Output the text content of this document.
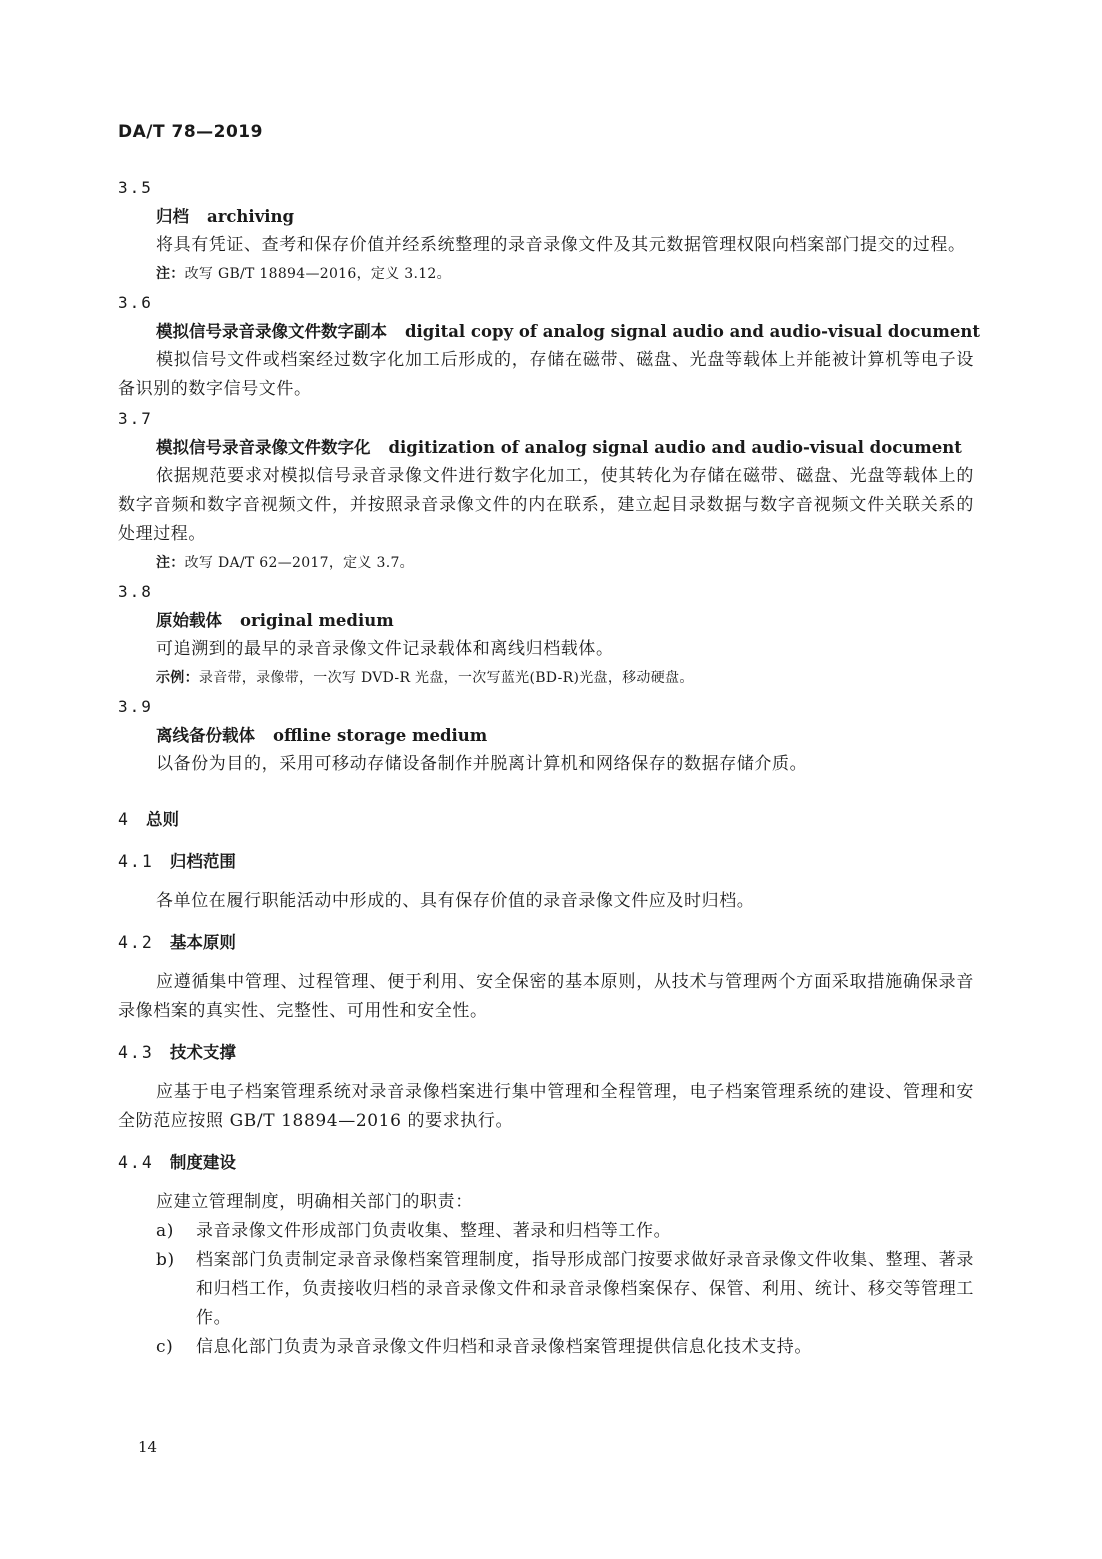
DA/T 78—2019
3.5
归档 archiving
将具有凭证、查考和保存价值并经系统整理的录音录像文件及其元数据管理权限向档案部门提交的过程。
注：改写 GB/T 18894—2016，定义 3.12。
3.6
模拟信号录音录像文件数字副本 digital copy of analog signal audio and audio-visual document
模拟信号文件或档案经过数字化加工后形成的，存储在磁带、磁盘、光盘等载体上并能被计算机等电子设备识别的数字信号文件。
3.7
模拟信号录音录像文件数字化 digitization of analog signal audio and audio-visual document
依据规范要求对模拟信号录音录像文件进行数字化加工，使其转化为存储在磁带、磁盘、光盘等载体上的数字音频和数字音视频文件，并按照录音录像文件的内在联系，建立起目录数据与数字音视频文件关联关系的处理过程。
注：改写 DA/T 62—2017，定义 3.7。
3.8
原始载体 original medium
可追溯到的最早的录音录像文件记录载体和离线归档载体。
示例：录音带，录像带，一次写 DVD-R 光盘，一次写蓝光(BD-R)光盘，移动硬盘。
3.9
离线备份载体 offline storage medium
以备份为目的，采用可移动存储设备制作并脱离计算机和网络保存的数据存储介质。
4 总则
4.1 归档范围
各单位在履行职能活动中形成的、具有保存价值的录音录像文件应及时归档。
4.2 基本原则
应遵循集中管理、过程管理、便于利用、安全保密的基本原则，从技术与管理两个方面采取措施确保录音录像档案的真实性、完整性、可用性和安全性。
4.3 技术支撑
应基于电子档案管理系统对录音录像档案进行集中管理和全程管理，电子档案管理系统的建设、管理和安全防范应按照 GB/T 18894—2016 的要求执行。
4.4 制度建设
应建立管理制度，明确相关部门的职责：
a) 录音录像文件形成部门负责收集、整理、著录和归档等工作。
b) 档案部门负责制定录音录像档案管理制度，指导形成部门按要求做好录音录像文件收集、整理、著录和归档工作，负责接收归档的录音录像文件和录音录像档案保存、保管、利用、统计、移交等管理工作。
c) 信息化部门负责为录音录像文件归档和录音录像档案管理提供信息化技术支持。
14
